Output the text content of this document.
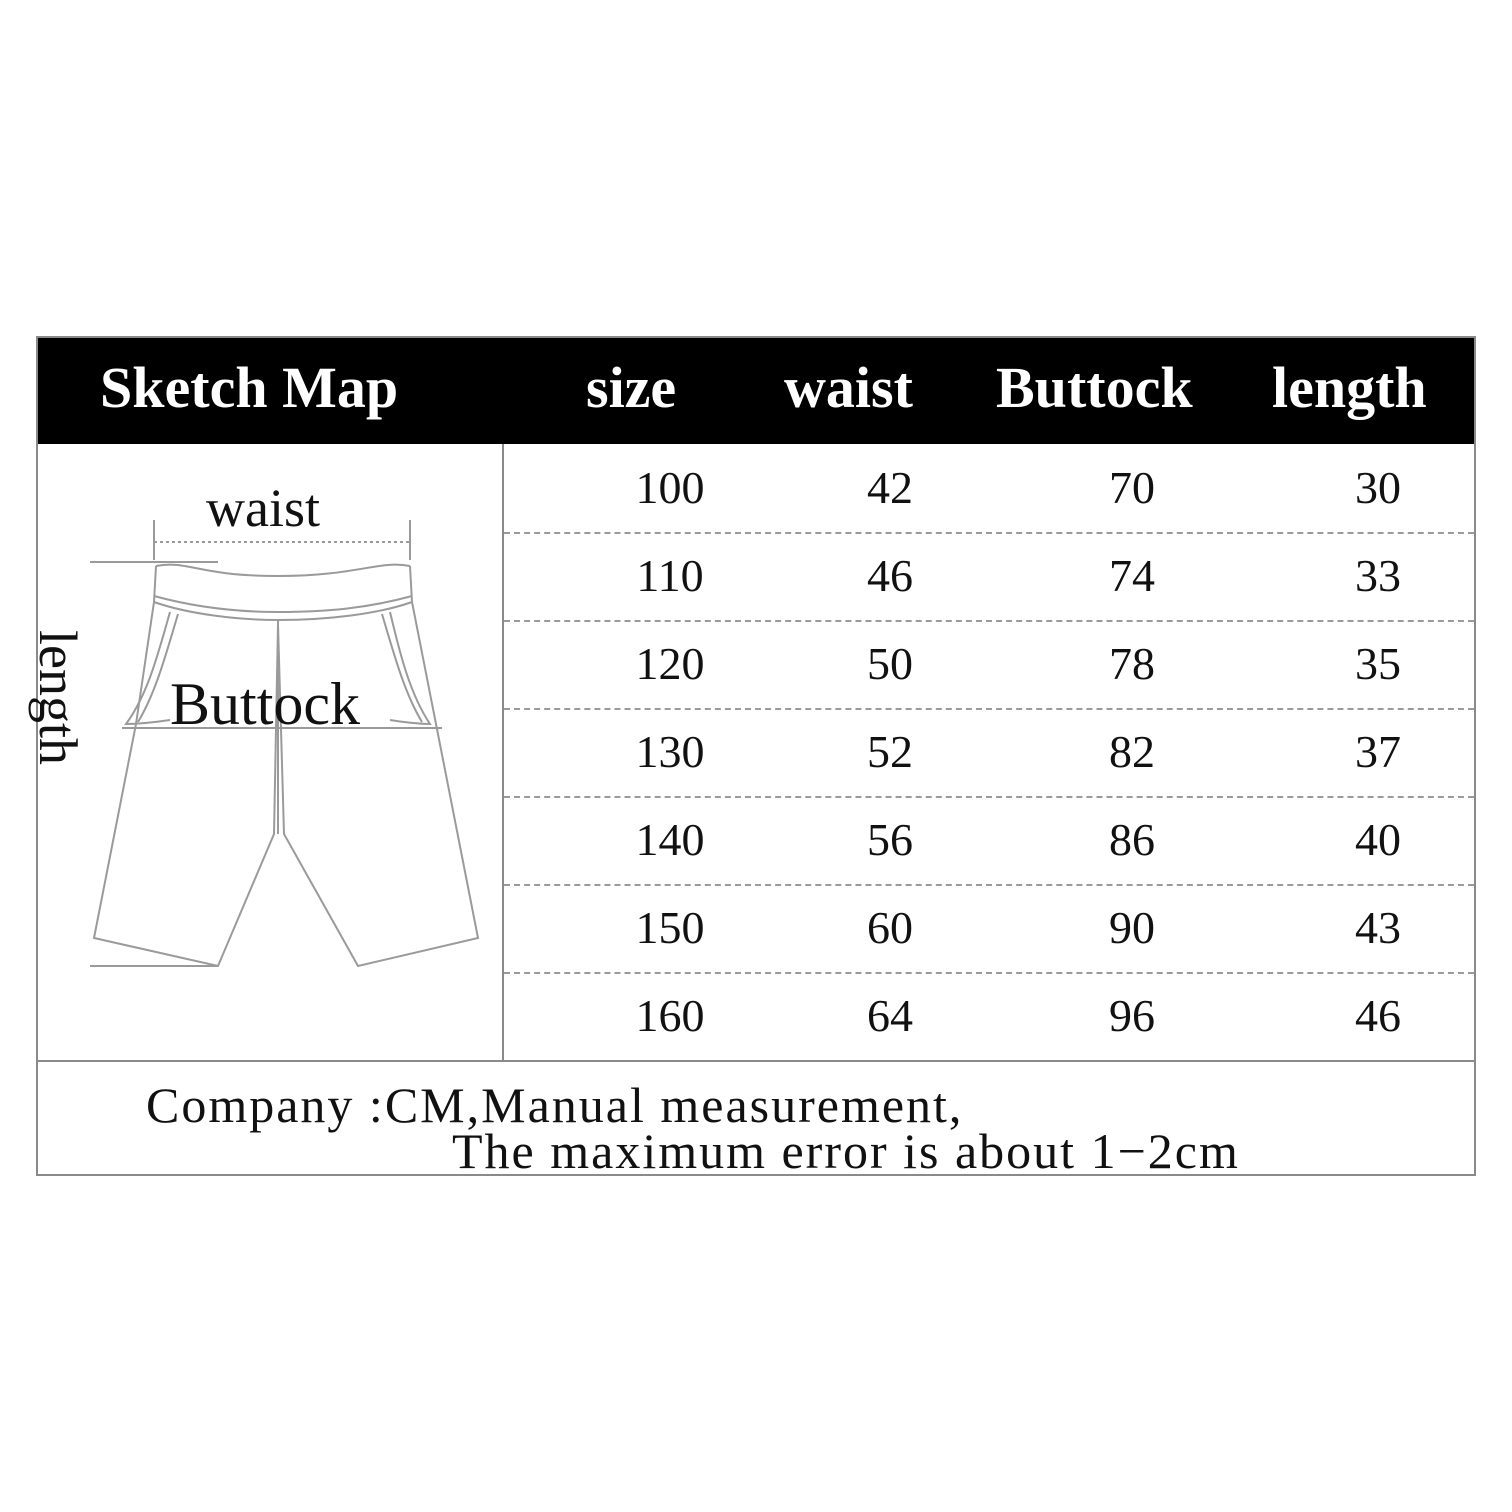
Sketch Map	size waist Buttock length
waist
length Buttock
100	42	70	30
110	46	74	33
120	50	78	35
130	52	82	37
140	56	86	40
150	60	90	43
160	64	96	46
Company :CM,Manual measurement,
The maximum error is about 1−2cm
